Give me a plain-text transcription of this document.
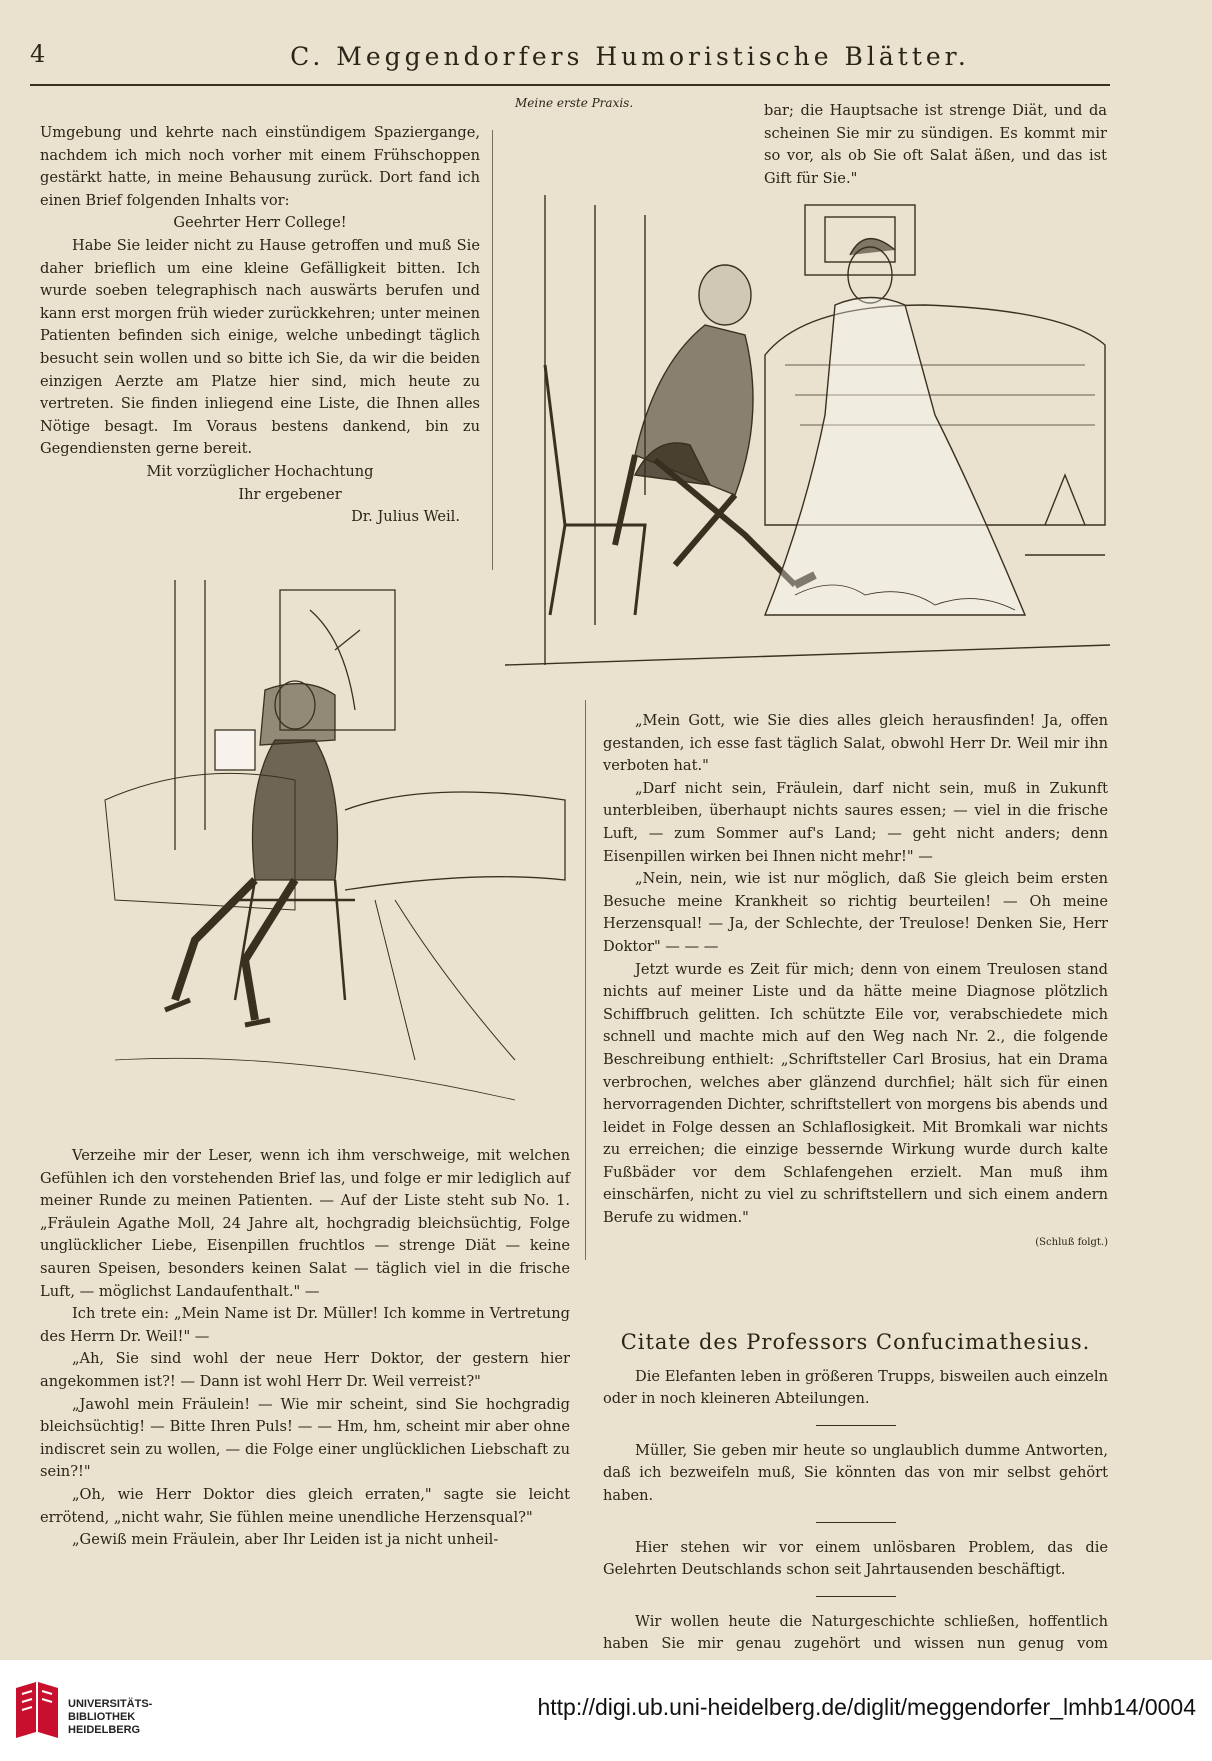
4	C. Meggendorfers Humoristische Blätter.

Umgebung und kehrte nach einstündigem Spaziergange, nachdem ich mich noch vorher mit einem Frühschoppen gestärkt hatte, in meine Behausung zurück. Dort fand ich einen Brief folgenden Inhalts vor:

Geehrter Herr College!

Habe Sie leider nicht zu Hause getroffen und muß Sie daher brieflich um eine kleine Gefälligkeit bitten. Ich wurde soeben telegraphisch nach auswärts berufen und kann erst morgen früh wieder zurückkehren; unter meinen Patienten befinden sich einige, welche unbedingt täglich besucht sein wollen und so bitte ich Sie, da wir die beiden einzigen Aerzte am Platze hier sind, mich heute zu vertreten. Sie finden inliegend eine Liste, die Ihnen alles Nötige besagt. Im Voraus bestens dankend, bin zu Gegendiensten gerne bereit.

Mit vorzüglicher Hochachtung

Ihr ergebener

Dr. Julius Weil.

Meine erste Praxis.	bar; die Hauptsache ist strenge Diät, und da scheinen Sie mir zu sündigen. Es kommt mir so vor, als ob Sie oft Salat äßen, und das ist Gift für Sie."

„Mein Gott, wie Sie dies alles gleich herausfinden! Ja, offen gestanden, ich esse fast täglich Salat, obwohl Herr Dr. Weil mir ihn verboten hat."

„Darf nicht sein, Fräulein, darf nicht sein, muß in Zukunft unterbleiben, überhaupt nichts saures essen; — viel in die frische Luft, — zum Sommer auf's Land; — geht nicht anders; denn Eisenpillen wirken bei Ihnen nicht mehr!" —

„Nein, nein, wie ist nur möglich, daß Sie gleich beim ersten Besuche meine Krankheit so richtig beurteilen! — Oh meine Herzensqual! — Ja, der Schlechte, der Treulose! Denken Sie, Herr Doktor" — — —

Jetzt wurde es Zeit für mich; denn von einem Treulosen stand nichts auf meiner Liste und da hätte meine Diagnose plötzlich Schiffbruch gelitten. Ich schützte Eile vor, verabschiedete mich schnell und machte mich auf den Weg nach Nr. 2., die folgende Beschreibung enthielt: „Schriftsteller Carl Brosius, hat ein Drama verbrochen, welches aber glänzend durchfiel; hält sich für einen hervorragenden Dichter, schriftstellert von morgens bis abends und leidet in Folge dessen an Schlaflosigkeit. Mit Bromkali war nichts zu erreichen; die einzige bessernde Wirkung wurde durch kalte Fußbäder vor dem Schlafengehen erzielt. Man muß ihm einschärfen, nicht zu viel zu schriftstellern und sich einem andern Berufe zu widmen."

(Schluß folgt.)

Verzeihe mir der Leser, wenn ich ihm verschweige, mit welchen Gefühlen ich den vorstehenden Brief las, und folge er mir lediglich auf meiner Runde zu meinen Patienten. — Auf der Liste steht sub No. 1. „Fräulein Agathe Moll, 24 Jahre alt, hochgradig bleichsüchtig, Folge unglücklicher Liebe, Eisenpillen fruchtlos — strenge Diät — keine sauren Speisen, besonders keinen Salat — täglich viel in die frische Luft, — möglichst Landaufenthalt." —

Ich trete ein: „Mein Name ist Dr. Müller! Ich komme in Vertretung des Herrn Dr. Weil!" —

„Ah, Sie sind wohl der neue Herr Doktor, der gestern hier angekommen ist?! — Dann ist wohl Herr Dr. Weil verreist?"

„Jawohl mein Fräulein! — Wie mir scheint, sind Sie hochgradig bleichsüchtig! — Bitte Ihren Puls! — — Hm, hm, scheint mir aber ohne indiscret sein zu wollen, — die Folge einer unglücklichen Liebschaft zu sein?!"

„Oh, wie Herr Doktor dies gleich erraten," sagte sie leicht errötend, „nicht wahr, Sie fühlen meine unendliche Herzensqual?"

„Gewiß mein Fräulein, aber Ihr Leiden ist ja nicht unheil-

Citate des Professors Confucimathesius.

Die Elefanten leben in größeren Trupps, bisweilen auch einzeln oder in noch kleineren Abteilungen.

Müller, Sie geben mir heute so unglaublich dumme Antworten, daß ich bezweifeln muß, Sie könnten das von mir selbst gehört haben.

Hier stehen wir vor einem unlösbaren Problem, das die Gelehrten Deutschlands schon seit Jahrtausenden beschäftigt.

Wir wollen heute die Naturgeschichte schließen, hoffentlich haben Sie mir genau zugehört und wissen nun genug vom

UNIVERSITÄTS-
BIBLIOTHEK
HEIDELBERG
http://digi.ub.uni-heidelberg.de/diglit/meggendorfer_lmhb14/0004
